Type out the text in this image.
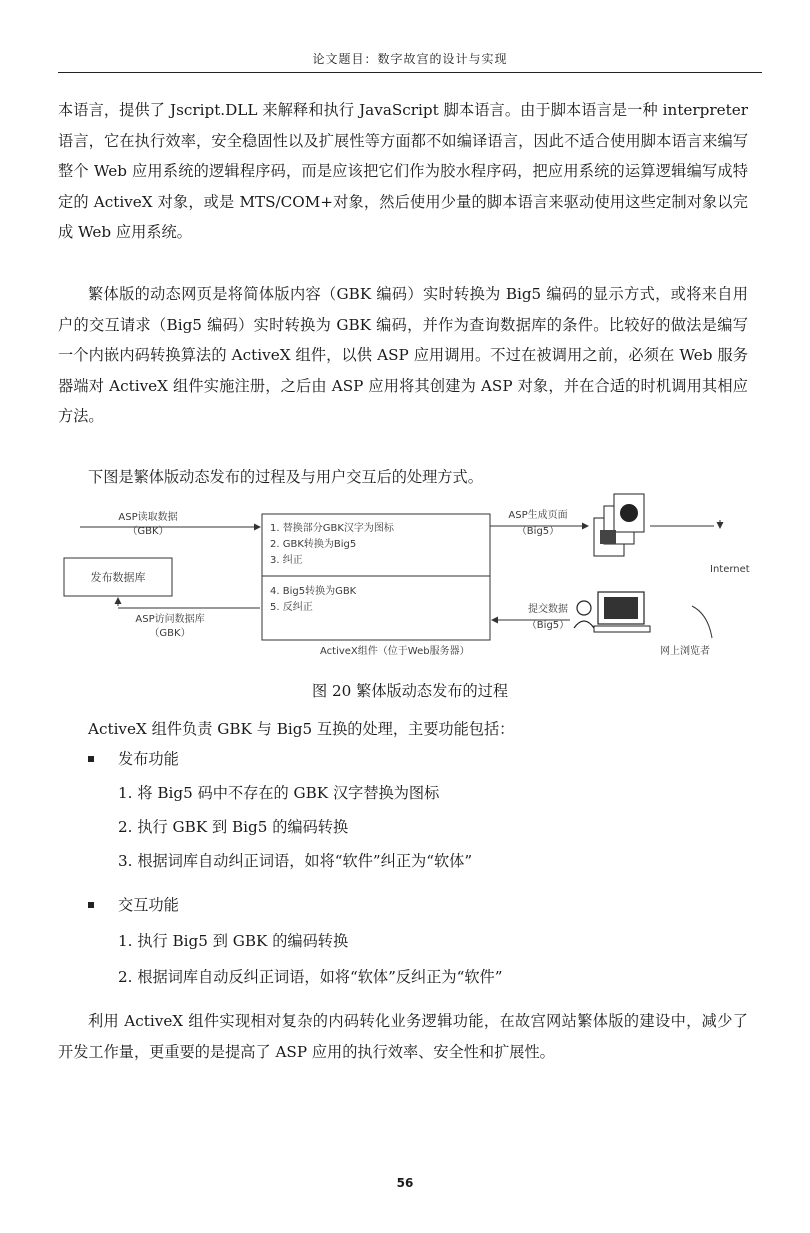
论文题目：数字故宫的设计与实现

本语言，提供了 Jscript.DLL 来解释和执行 JavaScript 脚本语言。由于脚本语言是一种 interpreter 语言，它在执行效率，安全稳固性以及扩展性等方面都不如编译语言，因此不适合使用脚本语言来编写整个 Web 应用系统的逻辑程序码，而是应该把它们作为胶水程序码，把应用系统的运算逻辑编写成特定的 ActiveX 对象，或是 MTS/COM+对象，然后使用少量的脚本语言来驱动使用这些定制对象以完成 Web 应用系统。

繁体版的动态网页是将简体版内容（GBK 编码）实时转换为 Big5 编码的显示方式，或将来自用户的交互请求（Big5 编码）实时转换为 GBK 编码，并作为查询数据库的条件。比较好的做法是编写一个内嵌内码转换算法的 ActiveX 组件，以供 ASP 应用调用。不过在被调用之前，必须在 Web 服务器端对 ActiveX 组件实施注册，之后由 ASP 应用将其创建为 ASP 对象，并在合适的时机调用其相应方法。

下图是繁体版动态发布的过程及与用户交互后的处理方式。

ASP读取数据
（GBK）
发布数据库
ASP访问数据库
（GBK）
1. 替换部分GBK汉字为图标
2. GBK转换为Big5
3. 纠正
4. Big5转换为GBK
5. 反纠正
ActiveX组件（位于Web服务器）
ASP生成页面
（Big5）
Internet
提交数据
（Big5）
网上浏览者
图 20 繁体版动态发布的过程
ActiveX 组件负责 GBK 与 Big5 互换的处理，主要功能包括：
发布功能
1. 将 Big5 码中不存在的 GBK 汉字替换为图标
2. 执行 GBK 到 Big5 的编码转换
3. 根据词库自动纠正词语，如将“软件”纠正为“软体”
交互功能
1. 执行 Big5 到 GBK 的编码转换
2. 根据词库自动反纠正词语，如将“软体”反纠正为“软件”

利用 ActiveX 组件实现相对复杂的内码转化业务逻辑功能，在故宫网站繁体版的建设中，减少了开发工作量，更重要的是提高了 ASP 应用的执行效率、安全性和扩展性。

56
